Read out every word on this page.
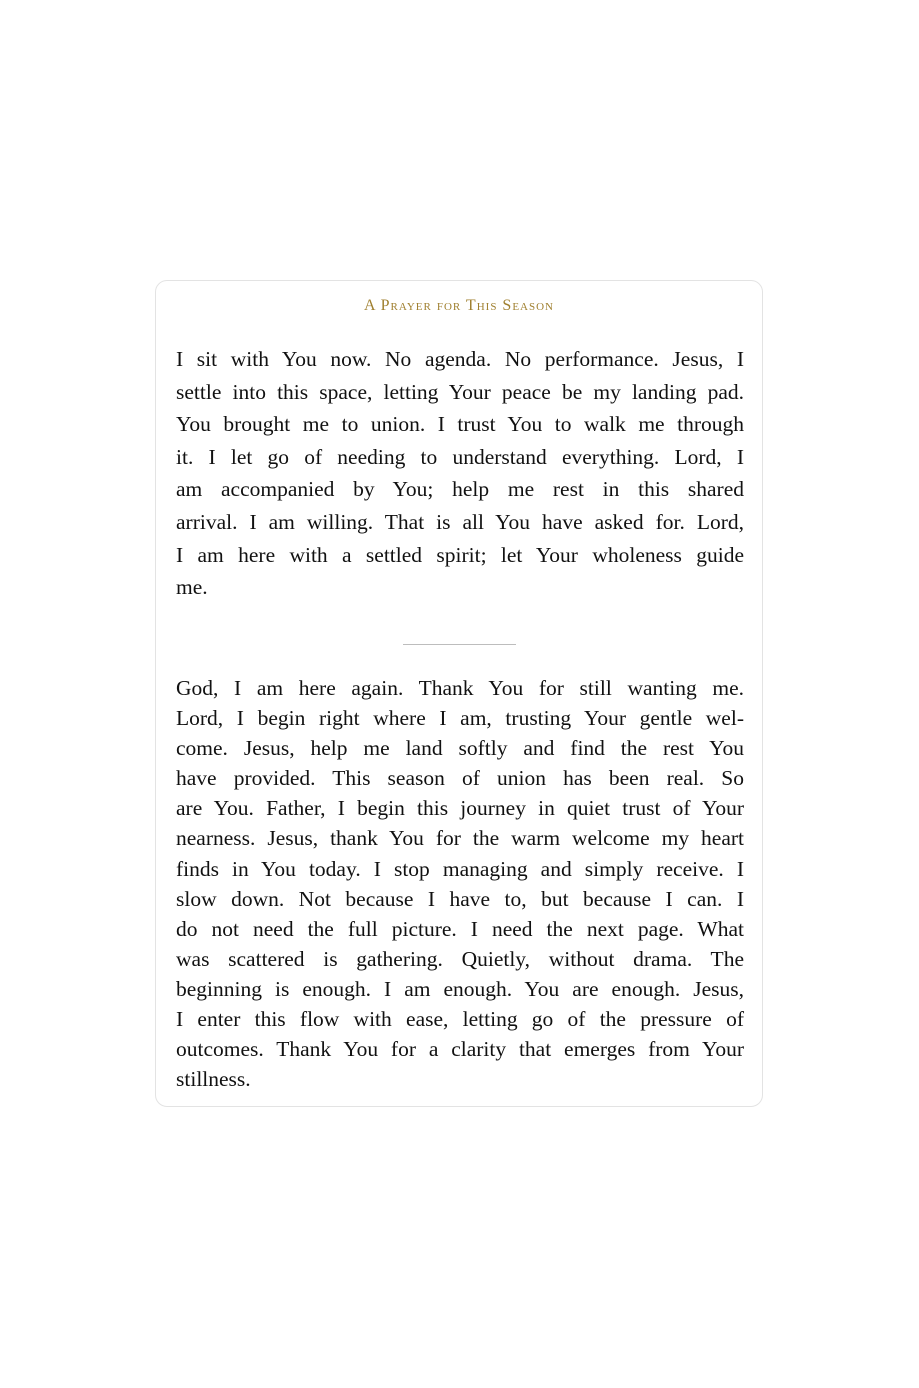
A Prayer for This Season

I sit with You now. No agenda. No performance. Jesus, I
settle into this space, letting Your peace be my landing pad.
You brought me to union. I trust You to walk me through
it. I let go of needing to understand everything. Lord, I
am accompanied by You; help me rest in this shared
arrival. I am willing. That is all You have asked for. Lord,
I am here with a settled spirit; let Your wholeness guide
me.

God, I am here again. Thank You for still wanting me.
Lord, I begin right where I am, trusting Your gentle wel-
come. Jesus, help me land softly and find the rest You
have provided. This season of union has been real. So
are You. Father, I begin this journey in quiet trust of Your
nearness. Jesus, thank You for the warm welcome my heart
finds in You today. I stop managing and simply receive. I
slow down. Not because I have to, but because I can. I
do not need the full picture. I need the next page. What
was scattered is gathering. Quietly, without drama. The
beginning is enough. I am enough. You are enough. Jesus,
I enter this flow with ease, letting go of the pressure of
outcomes. Thank You for a clarity that emerges from Your
stillness.
